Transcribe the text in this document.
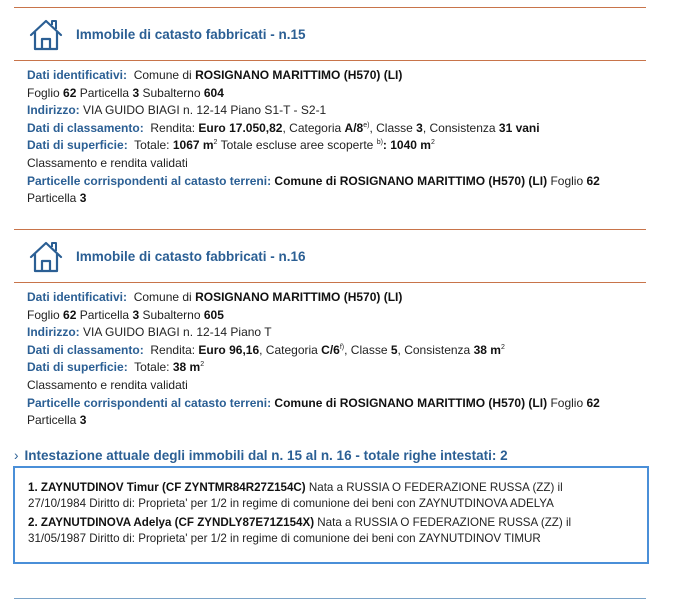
Immobile di catasto fabbricati - n.15
Dati identificativi: Comune di ROSIGNANO MARITTIMO (H570) (LI)
Foglio 62 Particella 3 Subalterno 604
Indirizzo: VIA GUIDO BIAGI n. 12-14 Piano S1-T - S2-1
Dati di classamento: Rendita: Euro 17.050,82, Categoria A/8$^{e)}$, Classe 3, Consistenza 31 vani
Dati di superficie: Totale: 1067 $m^2$ Totale escluse aree scoperte $^{b)}$: 1040 $m^2$
Classamento e rendita validati
Particelle corrispondenti al catasto terreni: Comune di ROSIGNANO MARITTIMO (H570) (LI) Foglio 62
Particella 3
Immobile di catasto fabbricati - n.16
Dati identificativi: Comune di ROSIGNANO MARITTIMO (H570) (LI)
Foglio 62 Particella 3 Subalterno 605
Indirizzo: VIA GUIDO BIAGI n. 12-14 Piano T
Dati di classamento: Rendita: Euro 96,16, Categoria C/6$^{f)}$, Classe 5, Consistenza 38 $m^2$
Dati di superficie: Totale: 38 $m^2$
Classamento e rendita validati
Particelle corrispondenti al catasto terreni: Comune di ROSIGNANO MARITTIMO (H570) (LI) Foglio 62
Particella 3
› Intestazione attuale degli immobili dal n. 15 al n. 16 - totale righe intestati: 2
1. ZAYNUTDINOV Timur (CF ZYNTMR84R27Z154C) Nata a RUSSIA O FEDERAZIONE RUSSA (ZZ) il
27/10/1984 Diritto di: Proprieta' per 1/2 in regime di comunione dei beni con ZAYNUTDINOVA ADELYA
2. ZAYNUTDINOVA Adelya (CF ZYNDLY87E71Z154X) Nata a RUSSIA O FEDERAZIONE RUSSA (ZZ) il
31/05/1987 Diritto di: Proprieta' per 1/2 in regime di comunione dei beni con ZAYNUTDINOV TIMUR
